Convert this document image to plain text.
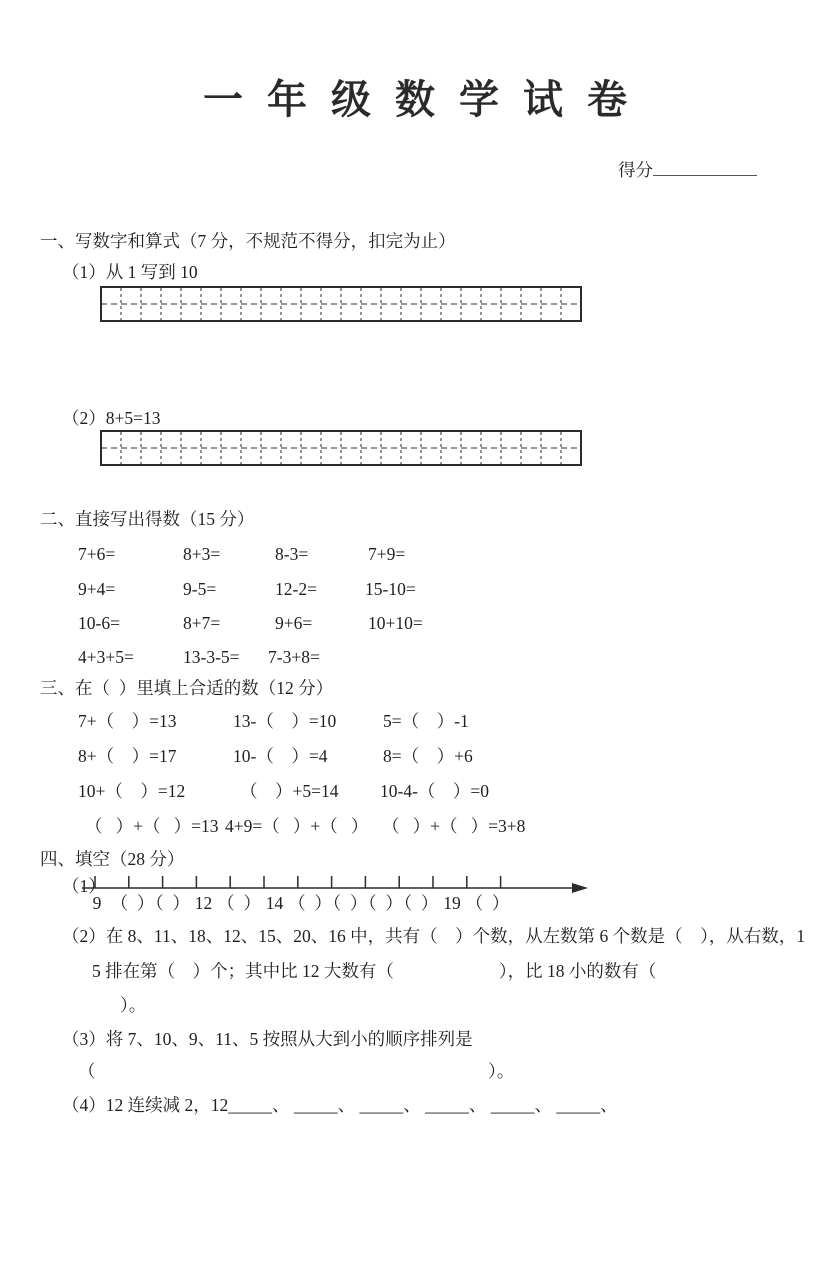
一 年 级 数 学 试 卷
得分
一、写数字和算式（7 分，不规范不得分，扣完为止）
（1）从 1 写到 10
（2）8+5=13
二、直接写出得数（15 分）
7+6=	8+3=	8-3=	7+9=
9+4=	9-5=	12-2=	15-10=
10-6=	8+7=	9+6=	10+10=
4+3+5=	13-3-5= 7-3+8=
三、在（  ）里填上合适的数（12 分）
7+（    ）=13	13-（    ）=10	5=（    ）-1
8+（    ）=17	10-（    ）=4	8=（    ）+6
10+（    ）=12	（    ）+5=14 10-4-（    ）=0
（   ）+（   ）=13 4+9=（   ）+（   ） （   ）+（   ）=3+8
四、填空（28 分）
（1）
9 （  ）
（  ） 12 （  ） 14 （  ）
（  ）
（  ）
（  ） 19 （  ）
（2）在 8、11、18、12、15、20、16 中，共有（    ）个数，从左数第 6 个数是（    ），从右数，1
5 排在第（    ）个；其中比 12 大数有（                        ），比 18 小的数有（
）。
（3）将 7、10、9、11、5 按照从大到小的顺序排列是
（	）。
（4）12 连续减 2，12_____、 _____、 _____、 _____、 _____、 _____、
